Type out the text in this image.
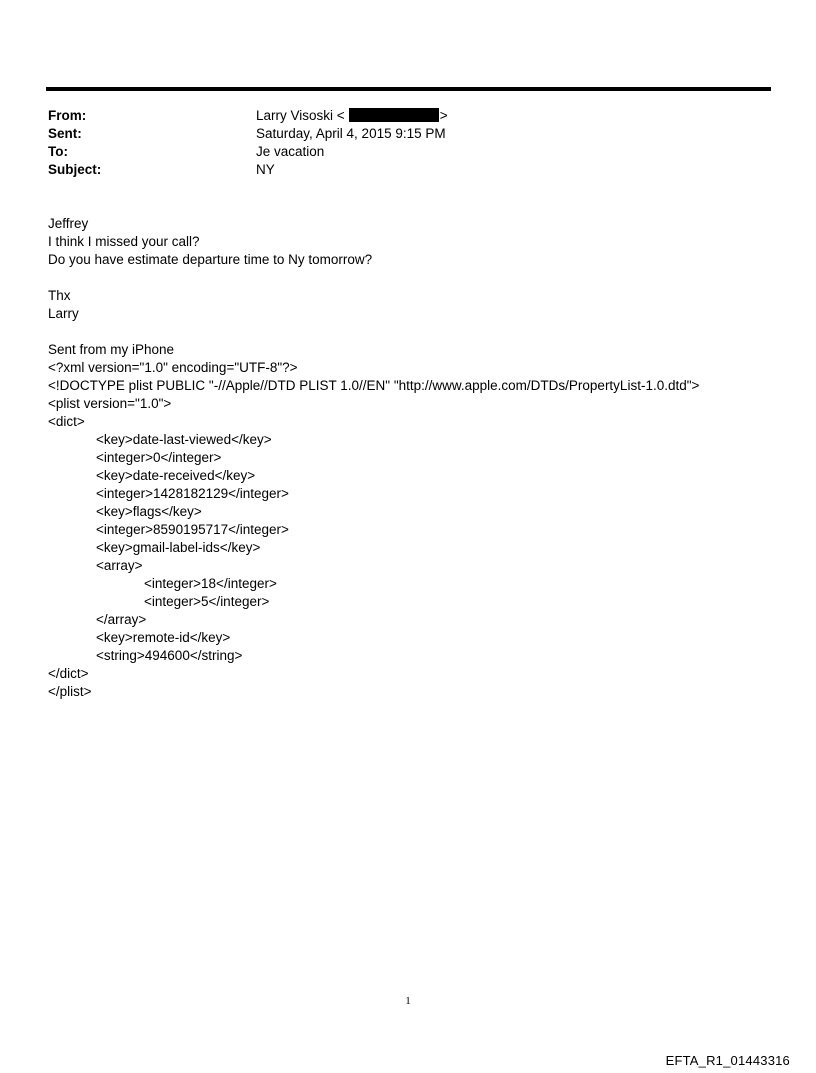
From:	Larry Visoski <	>
Sent:	Saturday, April 4, 2015 9:15 PM
To:	Je vacation
Subject:	NY
Jeffrey
I think I missed your call?
Do you have estimate departure time to Ny tomorrow?
Thx
Larry
Sent from my iPhone
<?xml version="1.0" encoding="UTF-8"?>
<!DOCTYPE plist PUBLIC "-//Apple//DTD PLIST 1.0//EN" "http://www.apple.com/DTDs/PropertyList-1.0.dtd">
<plist version="1.0">
<dict>
<key>date-last-viewed</key>
<integer>0</integer>
<key>date-received</key>
<integer>1428182129</integer>
<key>flags</key>
<integer>8590195717</integer>
<key>gmail-label-ids</key>
<array>
<integer>18</integer>
<integer>5</integer>
</array>
<key>remote-id</key>
<string>494600</string>
</dict>
</plist>
1
EFTA_R1_01443316
